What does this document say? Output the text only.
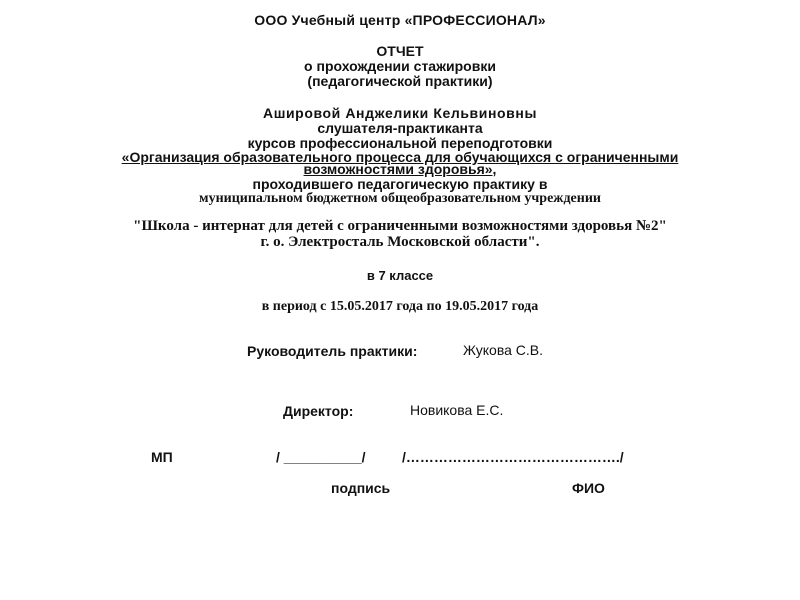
ООО Учебный центр «ПРОФЕССИОНАЛ»
ОТЧЕТ
о прохождении стажировки
(педагогической практики)
Ашировой Анджелики Кельвиновны
слушателя-практиканта
курсов профессиональной переподготовки
«Организация образовательного процесса для обучающихся с ограниченными
возможностями здоровья»,
проходившего педагогическую практику в
муниципальном бюджетном общеобразовательном учреждении
"Школа - интернат для детей с ограниченными возможностями здоровья №2"
г. о. Электросталь Московской области".
в 7 классе
в период с 15.05.2017 года по 19.05.2017 года
Руководитель практики:	Жукова С.В.
Директор:	Новикова Е.С.
МП	/ __________/	/………………………………………./
подпись	ФИО
